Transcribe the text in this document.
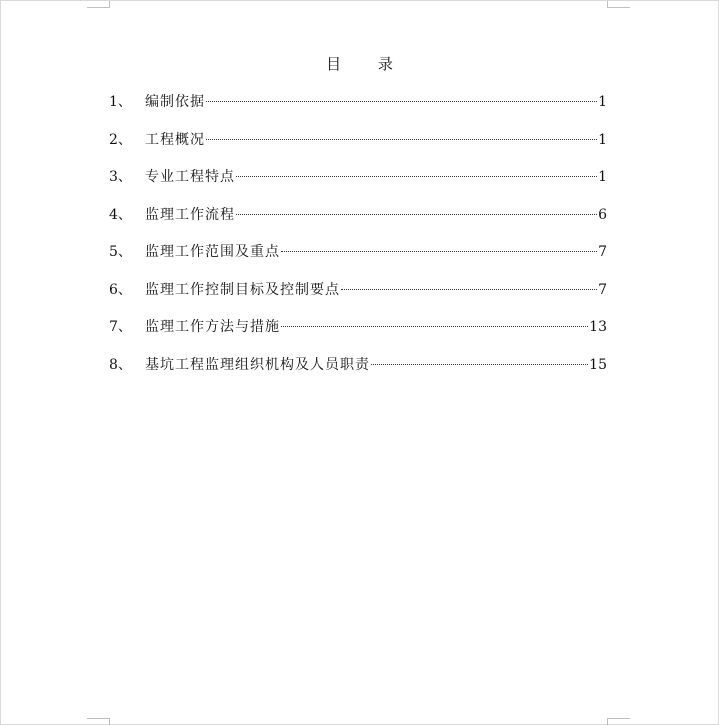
目 录
1、 编制依据	1
2、 工程概况	1
3、 专业工程特点	1
4、 监理工作流程	6
5、 监理工作范围及重点	7
6、 监理工作控制目标及控制要点	7
7、 监理工作方法与措施	13
8、 基坑工程监理组织机构及人员职责	15
